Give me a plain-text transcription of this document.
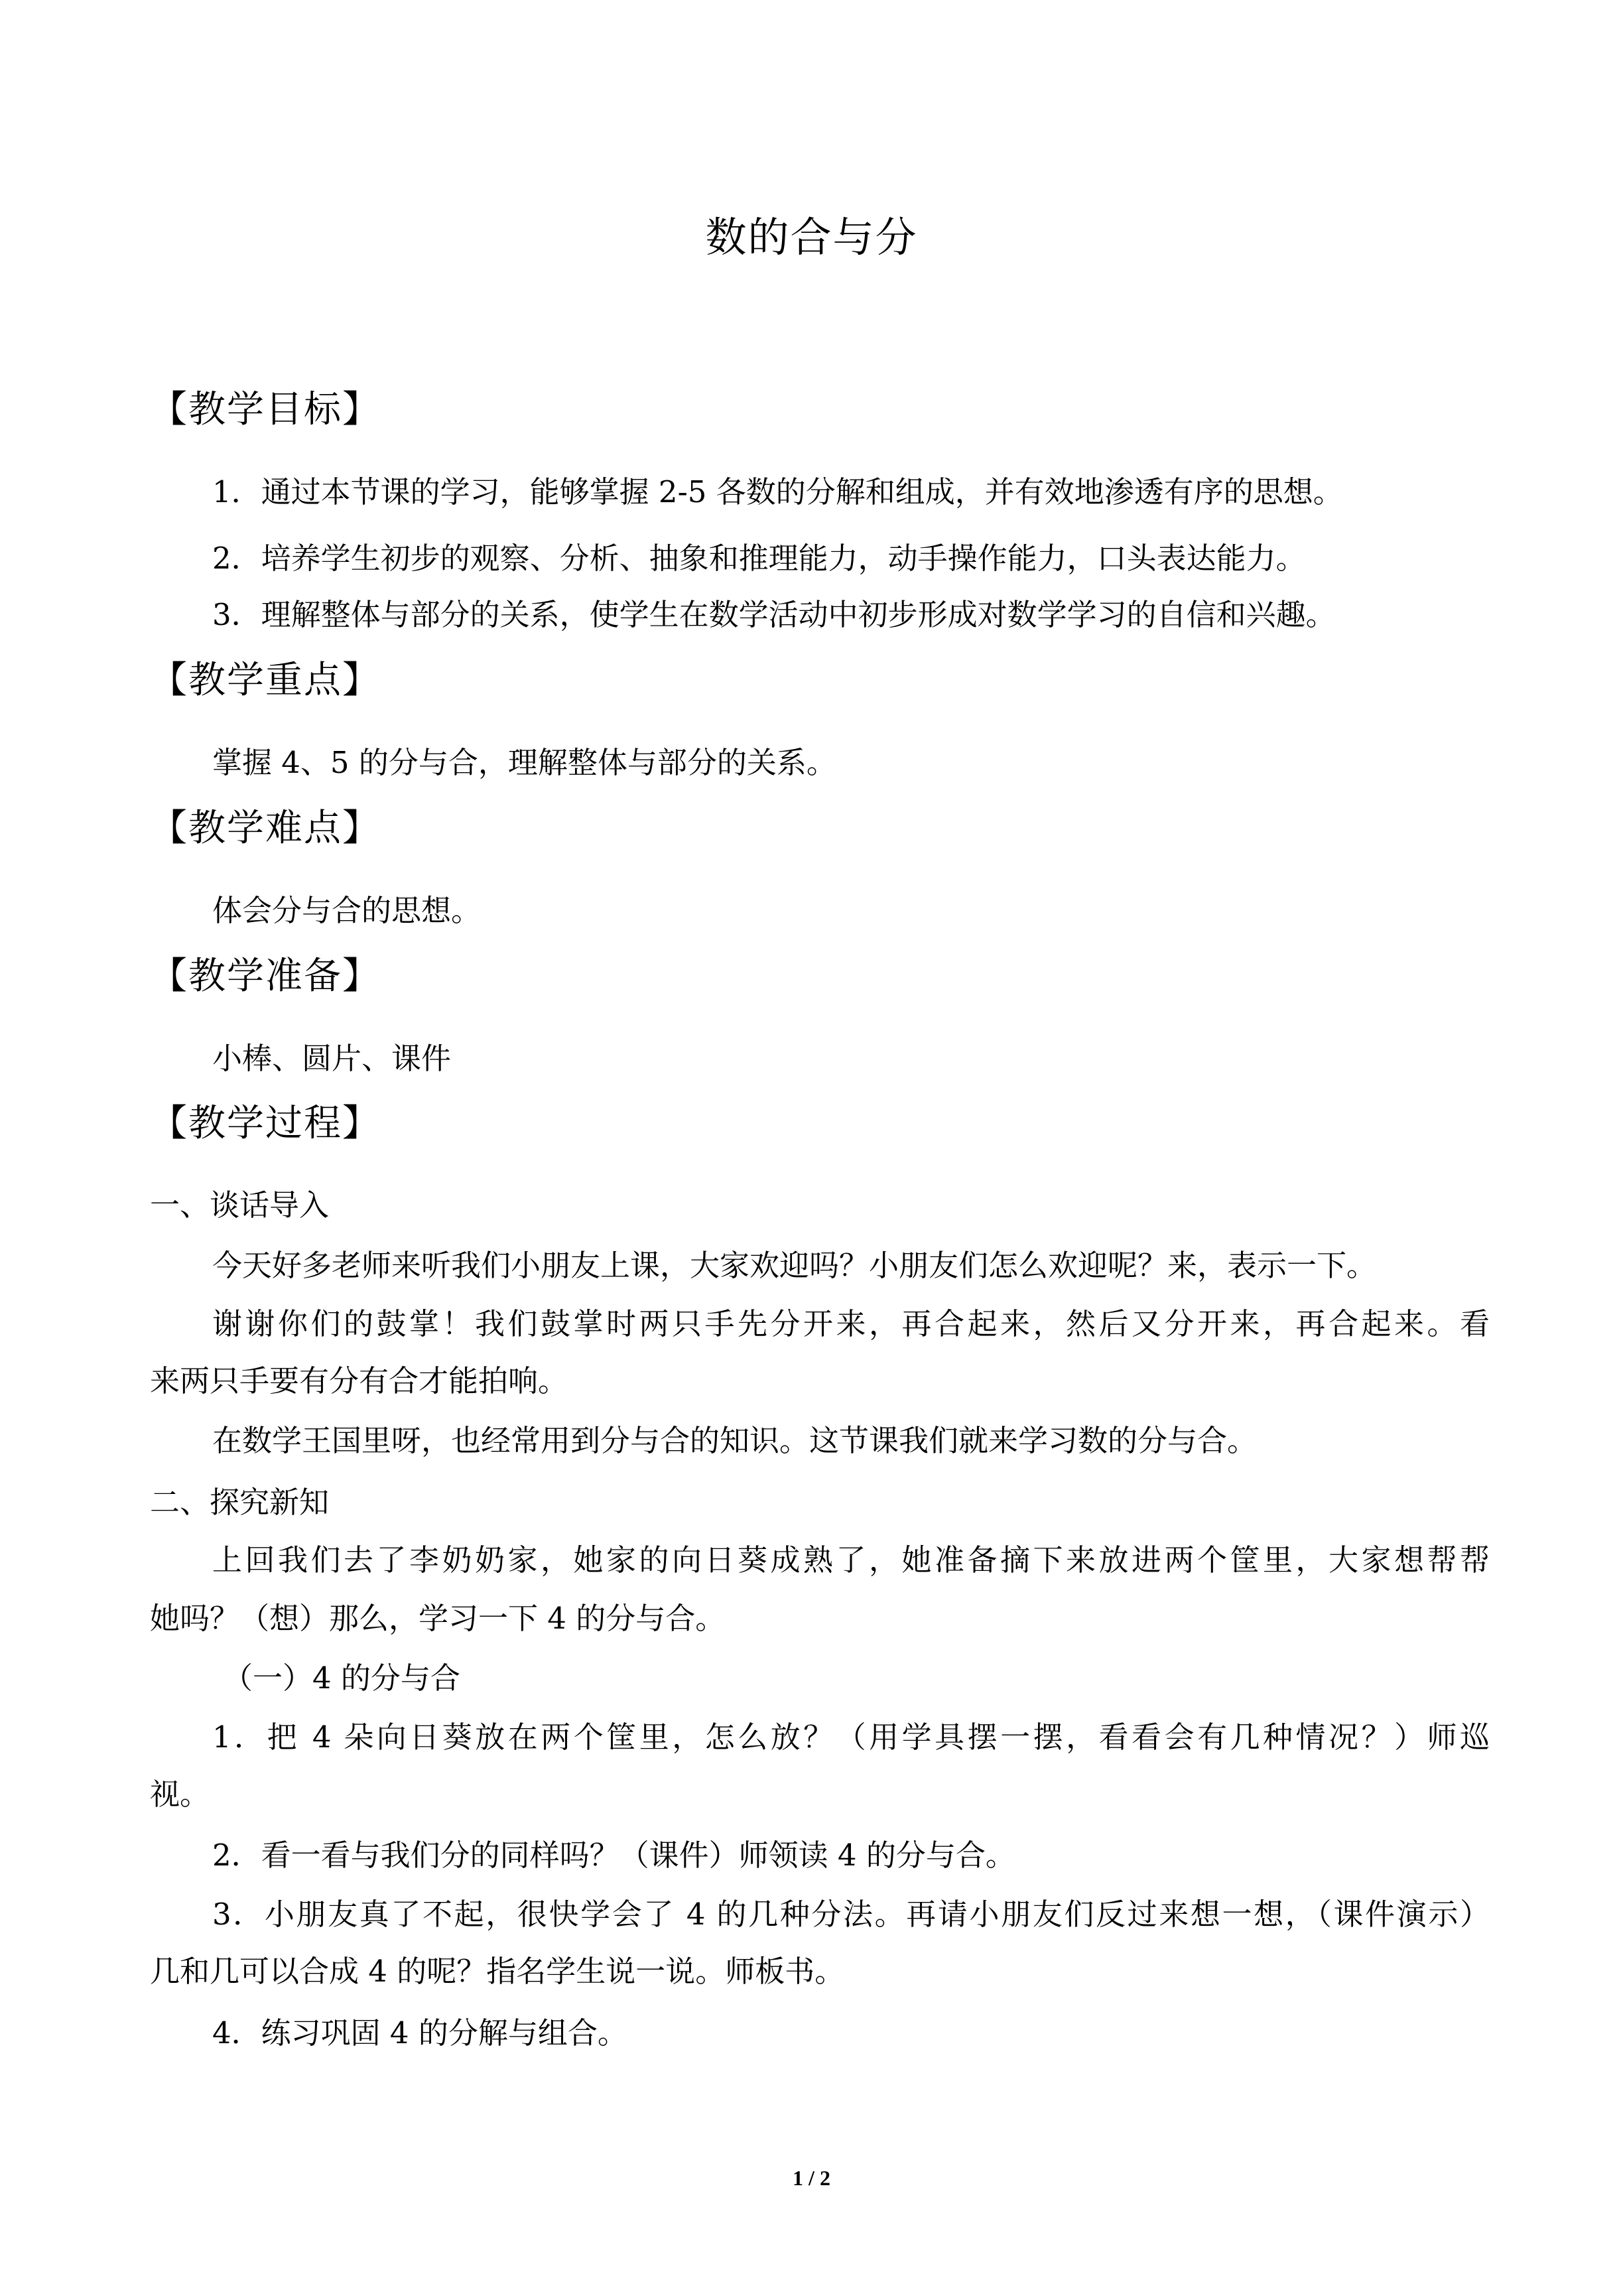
数的合与分
【教学目标】
1．通过本节课的学习，能够掌握 2-5 各数的分解和组成，并有效地渗透有序的思想。
2．培养学生初步的观察、分析、抽象和推理能力，动手操作能力，口头表达能力。
3．理解整体与部分的关系，使学生在数学活动中初步形成对数学学习的自信和兴趣。
【教学重点】
掌握 4、5 的分与合，理解整体与部分的关系。
【教学难点】
体会分与合的思想。
【教学准备】
小棒、圆片、课件
【教学过程】
一、谈话导入
今天好多老师来听我们小朋友上课，大家欢迎吗？小朋友们怎么欢迎呢？来，表示一下。
谢谢你们的鼓掌！我们鼓掌时两只手先分开来，再合起来，然后又分开来，再合起来。看
来两只手要有分有合才能拍响。
在数学王国里呀，也经常用到分与合的知识。这节课我们就来学习数的分与合。
二、探究新知
上回我们去了李奶奶家，她家的向日葵成熟了，她准备摘下来放进两个筐里，大家想帮帮
她吗？（想）那么，学习一下 4 的分与合。
（一）4 的分与合
1．把 4 朵向日葵放在两个筐里，怎么放？（用学具摆一摆，看看会有几种情况？）师巡
视。
2．看一看与我们分的同样吗？（课件）师领读 4 的分与合。
3．小朋友真了不起，很快学会了 4 的几种分法。再请小朋友们反过来想一想，（课件演示）
几和几可以合成 4 的呢？指名学生说一说。师板书。
4．练习巩固 4 的分解与组合。
1 / 2
